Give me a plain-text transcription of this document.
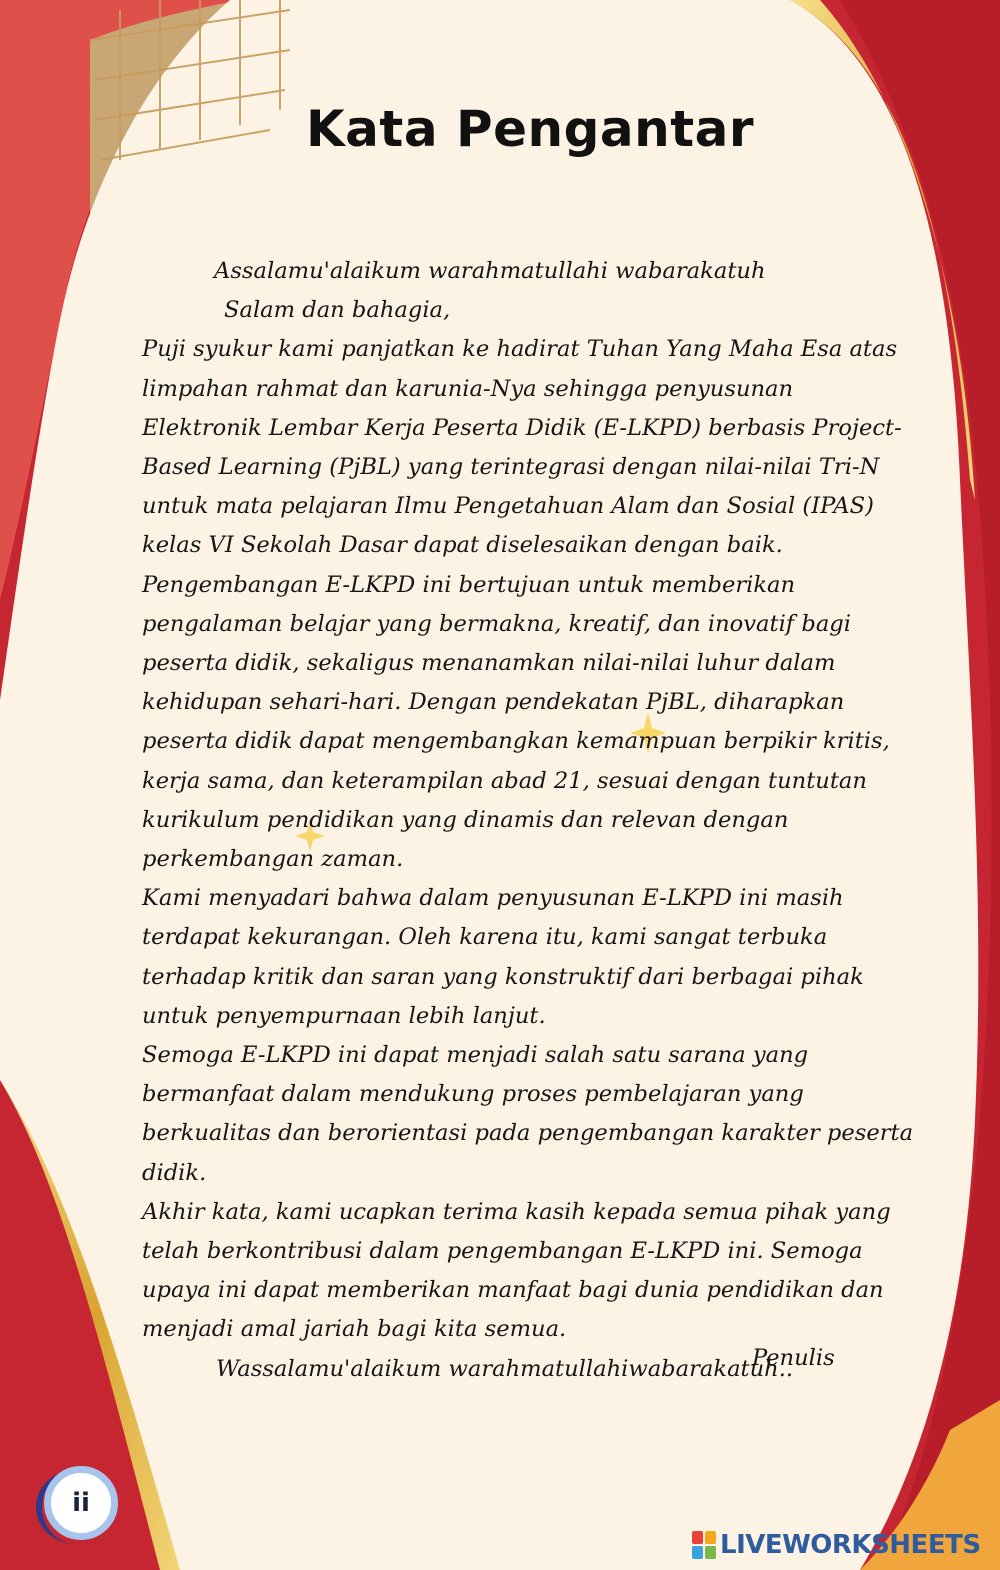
Kata Pengantar

Assalamu'alaikum warahmatullahi wabarakatuh

Salam dan bahagia,

Puji syukur kami panjatkan ke hadirat Tuhan Yang Maha Esa atas limpahan rahmat dan karunia-Nya sehingga penyusunan Elektronik Lembar Kerja Peserta Didik (E-LKPD) berbasis Project-Based Learning (PjBL) yang terintegrasi dengan nilai-nilai Tri-N untuk mata pelajaran Ilmu Pengetahuan Alam dan Sosial (IPAS) kelas VI Sekolah Dasar dapat diselesaikan dengan baik.

Pengembangan E-LKPD ini bertujuan untuk memberikan pengalaman belajar yang bermakna, kreatif, dan inovatif bagi peserta didik, sekaligus menanamkan nilai-nilai luhur dalam kehidupan sehari-hari. Dengan pendekatan PjBL, diharapkan peserta didik dapat mengembangkan kemampuan berpikir kritis, kerja sama, dan keterampilan abad 21, sesuai dengan tuntutan kurikulum pendidikan yang dinamis dan relevan dengan perkembangan zaman.

Kami menyadari bahwa dalam penyusunan E-LKPD ini masih terdapat kekurangan. Oleh karena itu, kami sangat terbuka terhadap kritik dan saran yang konstruktif dari berbagai pihak untuk penyempurnaan lebih lanjut.

Semoga E-LKPD ini dapat menjadi salah satu sarana yang bermanfaat dalam mendukung proses pembelajaran yang berkualitas dan berorientasi pada pengembangan karakter peserta didik.

Akhir kata, kami ucapkan terima kasih kepada semua pihak yang telah berkontribusi dalam pengembangan E-LKPD ini. Semoga upaya ini dapat memberikan manfaat bagi dunia pendidikan dan menjadi amal jariah bagi kita semua.

Wassalamu'alaikum warahmatullahiwabarakatuh..

Penulis
ii
LIVEWORKSHEETS
